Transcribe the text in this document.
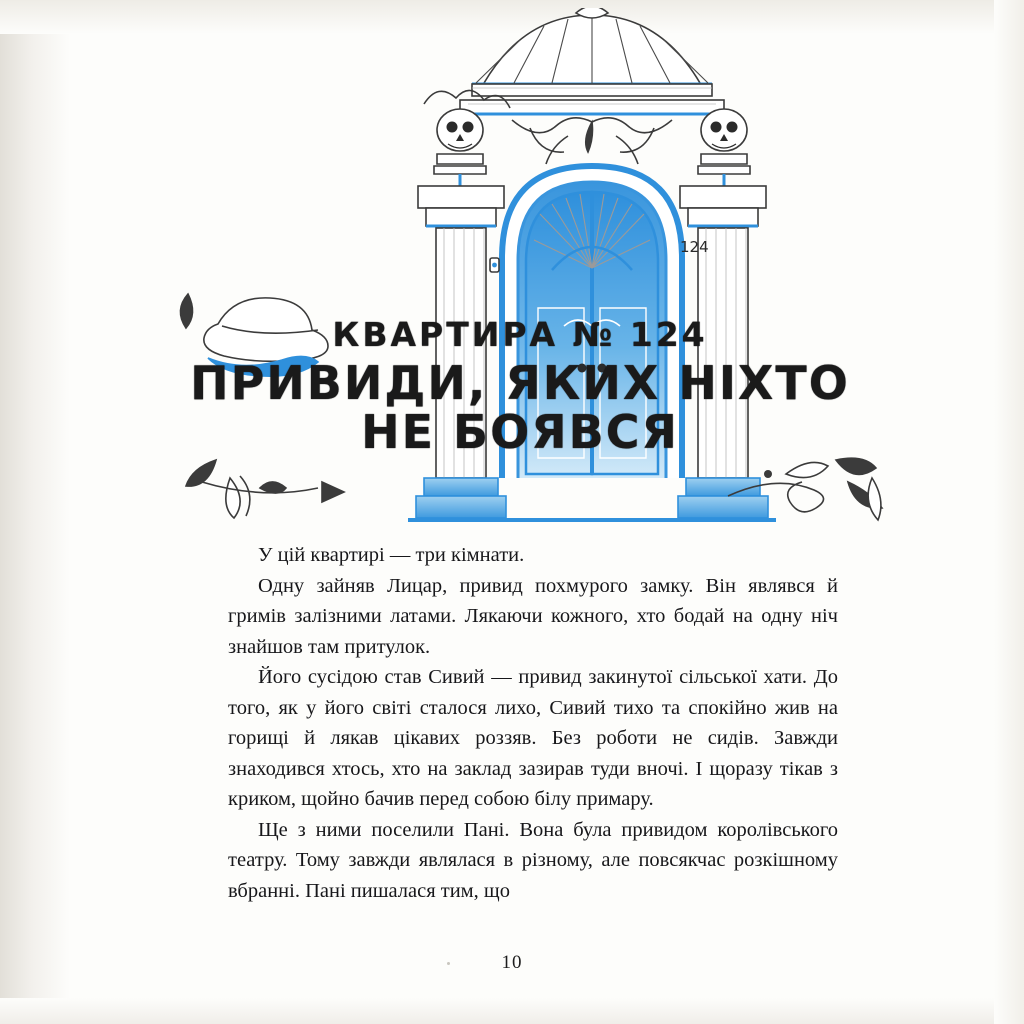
124
КВАРТИРА № 124
ПРИВИДИ, ЯКИХ НІХТО
НЕ БОЯВСЯ

У цій квартирі — три кімнати.

Одну зайняв Лицар, привид похмурого замку. Він являвся й гримів залізними латами. Лякаючи кожного, хто бодай на одну ніч знайшов там притулок.

Його сусідою став Сивий — привид закинутої сільської хати. До того, як у його світі сталося лихо, Сивий тихо та спокійно жив на горищі й лякав цікавих роззяв. Без роботи не сидів. Завжди знаходився хтось, хто на заклад зазирав туди вночі. І щоразу тікав з криком, щойно бачив перед собою білу примару.

Ще з ними поселили Пані. Вона була привидом королівського театру. Тому завжди являлася в різному, але повсякчас розкішному вбранні. Пані пишалася тим, що

10
